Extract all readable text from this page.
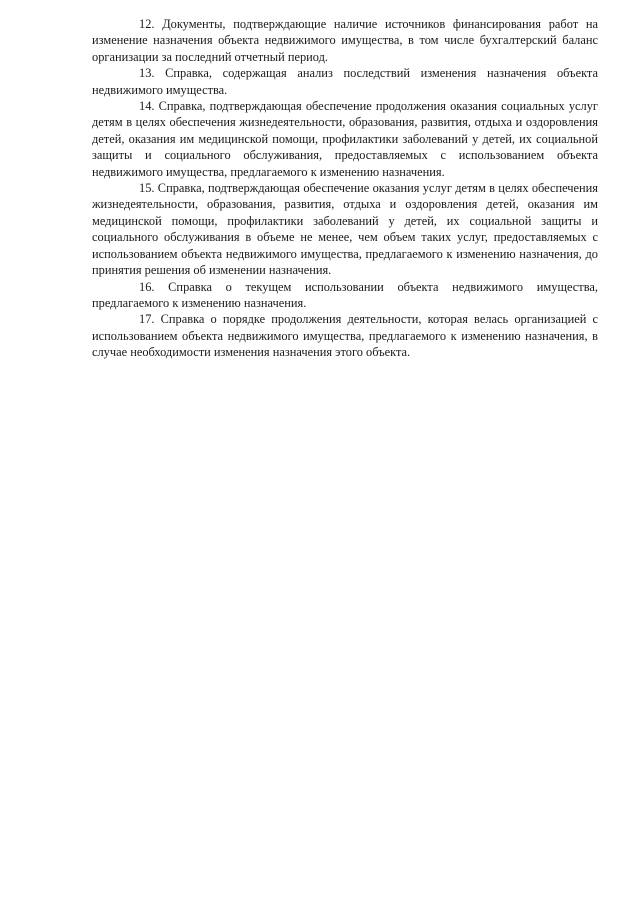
12. Документы, подтверждающие наличие источников финансирования работ на изменение назначения объекта недвижимого имущества, в том числе бухгалтерский баланс организации за последний отчетный период.

13. Справка, содержащая анализ последствий изменения назначения объекта недвижимого имущества.

14. Справка, подтверждающая обеспечение продолжения оказания социальных услуг детям в целях обеспечения жизнедеятельности, образования, развития, отдыха и оздоровления детей, оказания им медицинской помощи, профилактики заболеваний у детей, их социальной защиты и социального обслуживания, предоставляемых с использованием объекта недвижимого имущества, предлагаемого к изменению назначения.

15. Справка, подтверждающая обеспечение оказания услуг детям в целях обеспечения жизнедеятельности, образования, развития, отдыха и оздоровления детей, оказания им медицинской помощи, профилактики заболеваний у детей, их социальной защиты и социального обслуживания в объеме не менее, чем объем таких услуг, предоставляемых с использованием объекта недвижимого имущества, предлагаемого к изменению назначения, до принятия решения об изменении назначения.

16. Справка о текущем использовании объекта недвижимого имущества, предлагаемого к изменению назначения.

17. Справка о порядке продолжения деятельности, которая велась организацией с использованием объекта недвижимого имущества, предлагаемого к изменению назначения, в случае необходимости изменения назначения этого объекта.
